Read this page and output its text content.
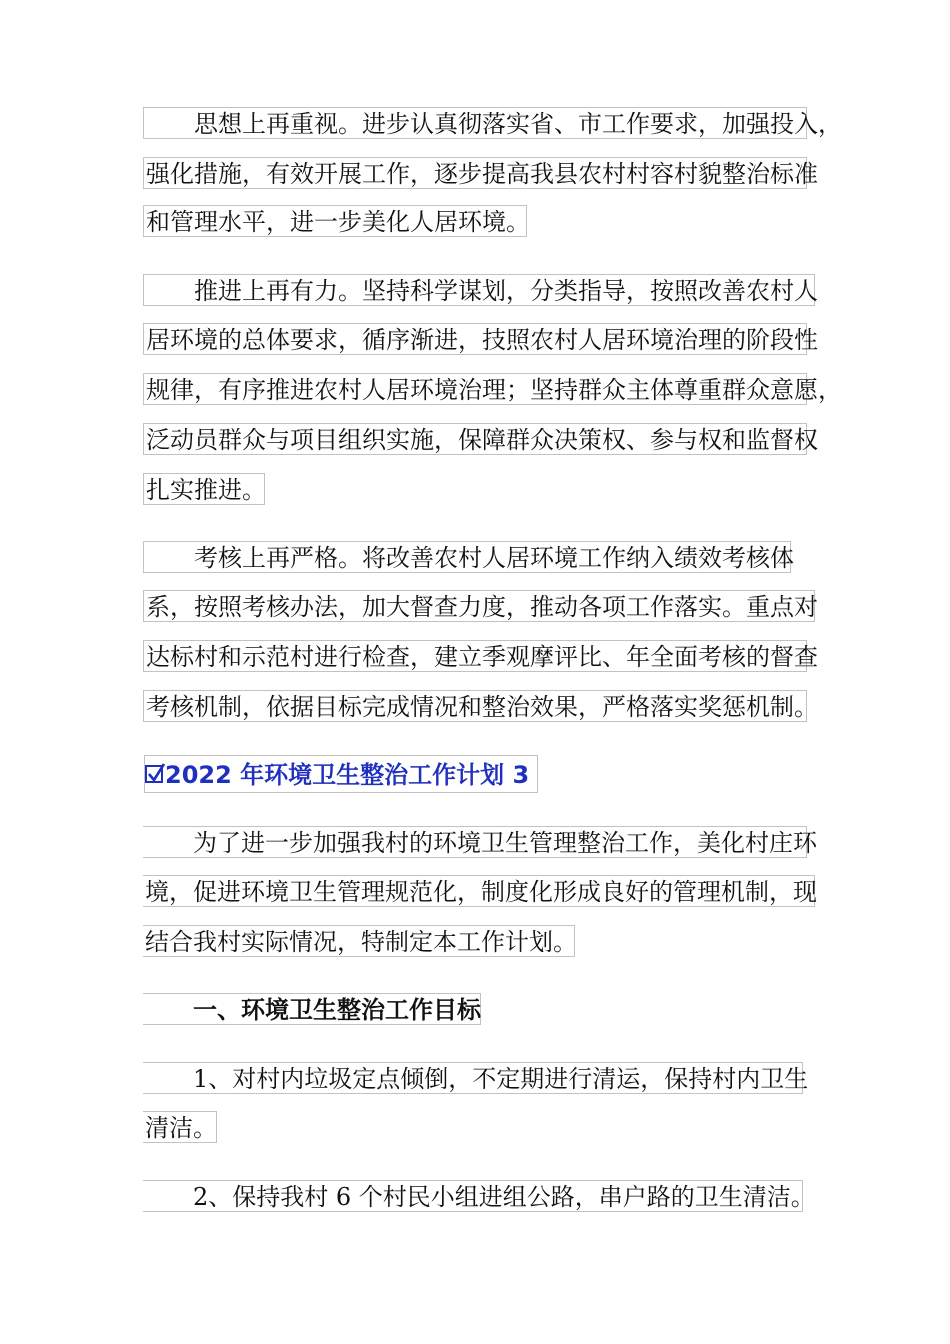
　　思想上再重视。进步认真彻落实省、市工作要求，加强投入，
强化措施，有效开展工作，逐步提高我县农村村容村貌整治标准
和管理水平，进一步美化人居环境。
　　推进上再有力。坚持科学谋划，分类指导，按照改善农村人
居环境的总体要求，循序渐进，技照农村人居环境治理的阶段性
规律，有序推进农村人居环境治理；坚持群众主体尊重群众意愿，
泛动员群众与项目组织实施，保障群众决策权、参与权和监督权
扎实推进。
　　考核上再严格。将改善农村人居环境工作纳入绩效考核体
系，按照考核办法，加大督查力度，推动各项工作落实。重点对
达标村和示范村进行检查，建立季观摩评比、年全面考核的督查
考核机制，依据目标完成情况和整治效果，严格落实奖惩机制。
2022 年环境卫生整治工作计划 3
　　为了进一步加强我村的环境卫生管理整治工作，美化村庄环
境，促进环境卫生管理规范化，制度化形成良好的管理机制，现
结合我村实际情况，特制定本工作计划。
　　一、环境卫生整治工作目标
　　1、对村内垃圾定点倾倒，不定期进行清运，保持村内卫生
清洁。
　　2、保持我村 6 个村民小组进组公路，串户路的卫生清洁。
